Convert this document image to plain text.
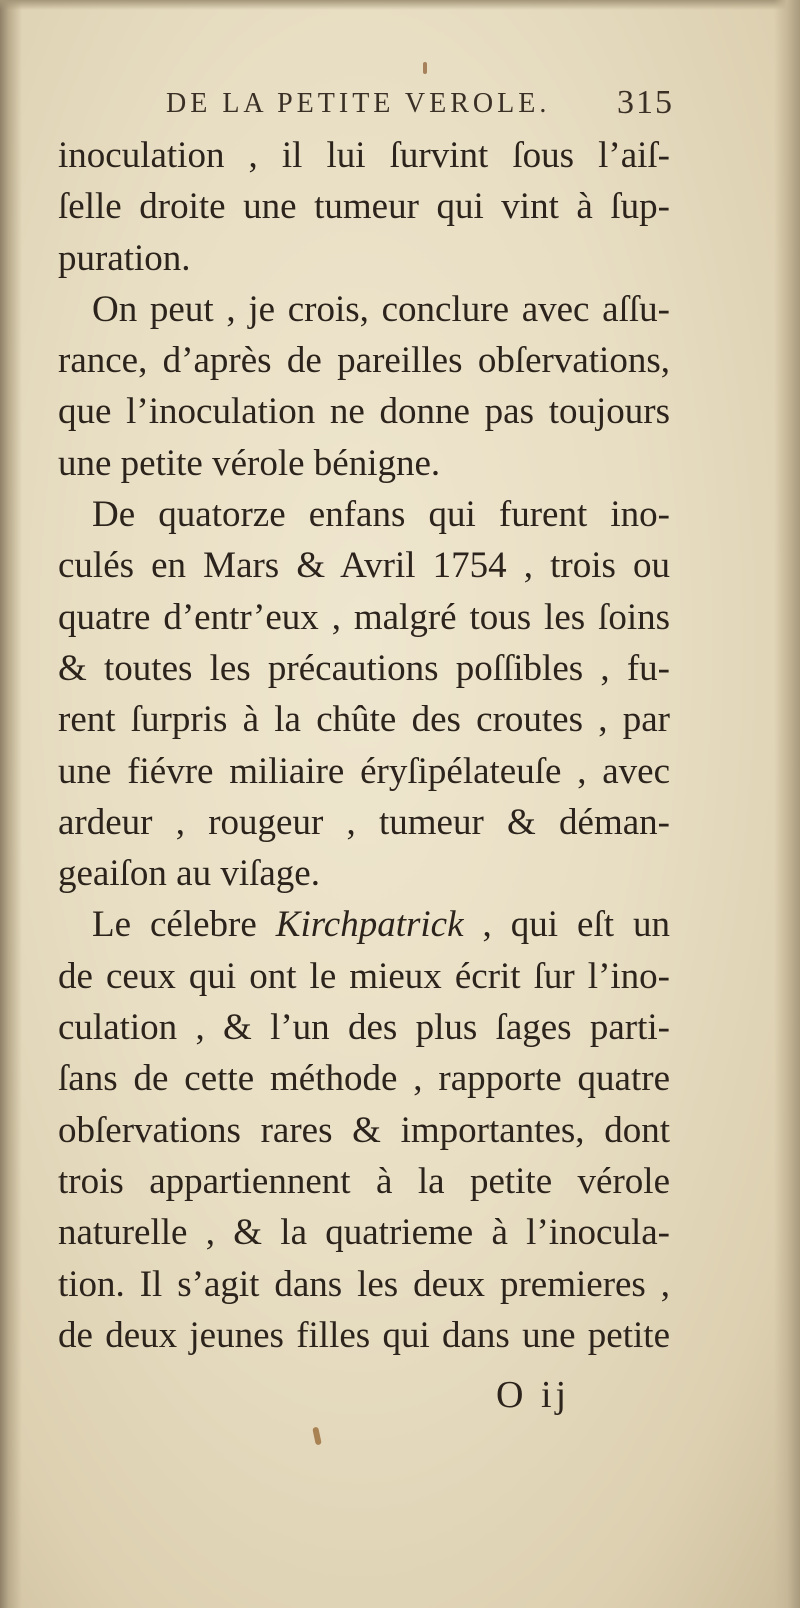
DE LA PETITE VEROLE. 315
inoculation , il lui ſurvint ſous l’aiſ-
ſelle droite une tumeur qui vint à ſup-
puration.
On peut , je crois, conclure avec aſſu-
rance, d’après de pareilles obſervations,
que l’inoculation ne donne pas toujours
une petite vérole bénigne.
De quatorze enfans qui furent ino-
culés en Mars & Avril 1754 , trois ou
quatre d’entr’eux , malgré tous les ſoins
& toutes les précautions poſſibles , fu-
rent ſurpris à la chûte des croutes , par
une fiévre miliaire éryſipélateuſe , avec
ardeur , rougeur , tumeur & déman-
geaiſon au viſage.
Le célebre Kirchpatrick , qui eſt un
de ceux qui ont le mieux écrit ſur l’ino-
culation , & l’un des plus ſages parti-
ſans de cette méthode , rapporte quatre
obſervations rares & importantes, dont
trois appartiennent à la petite vérole
naturelle , & la quatrieme à l’inocula-
tion. Il s’agit dans les deux premieres ,
de deux jeunes filles qui dans une petite
O ij
